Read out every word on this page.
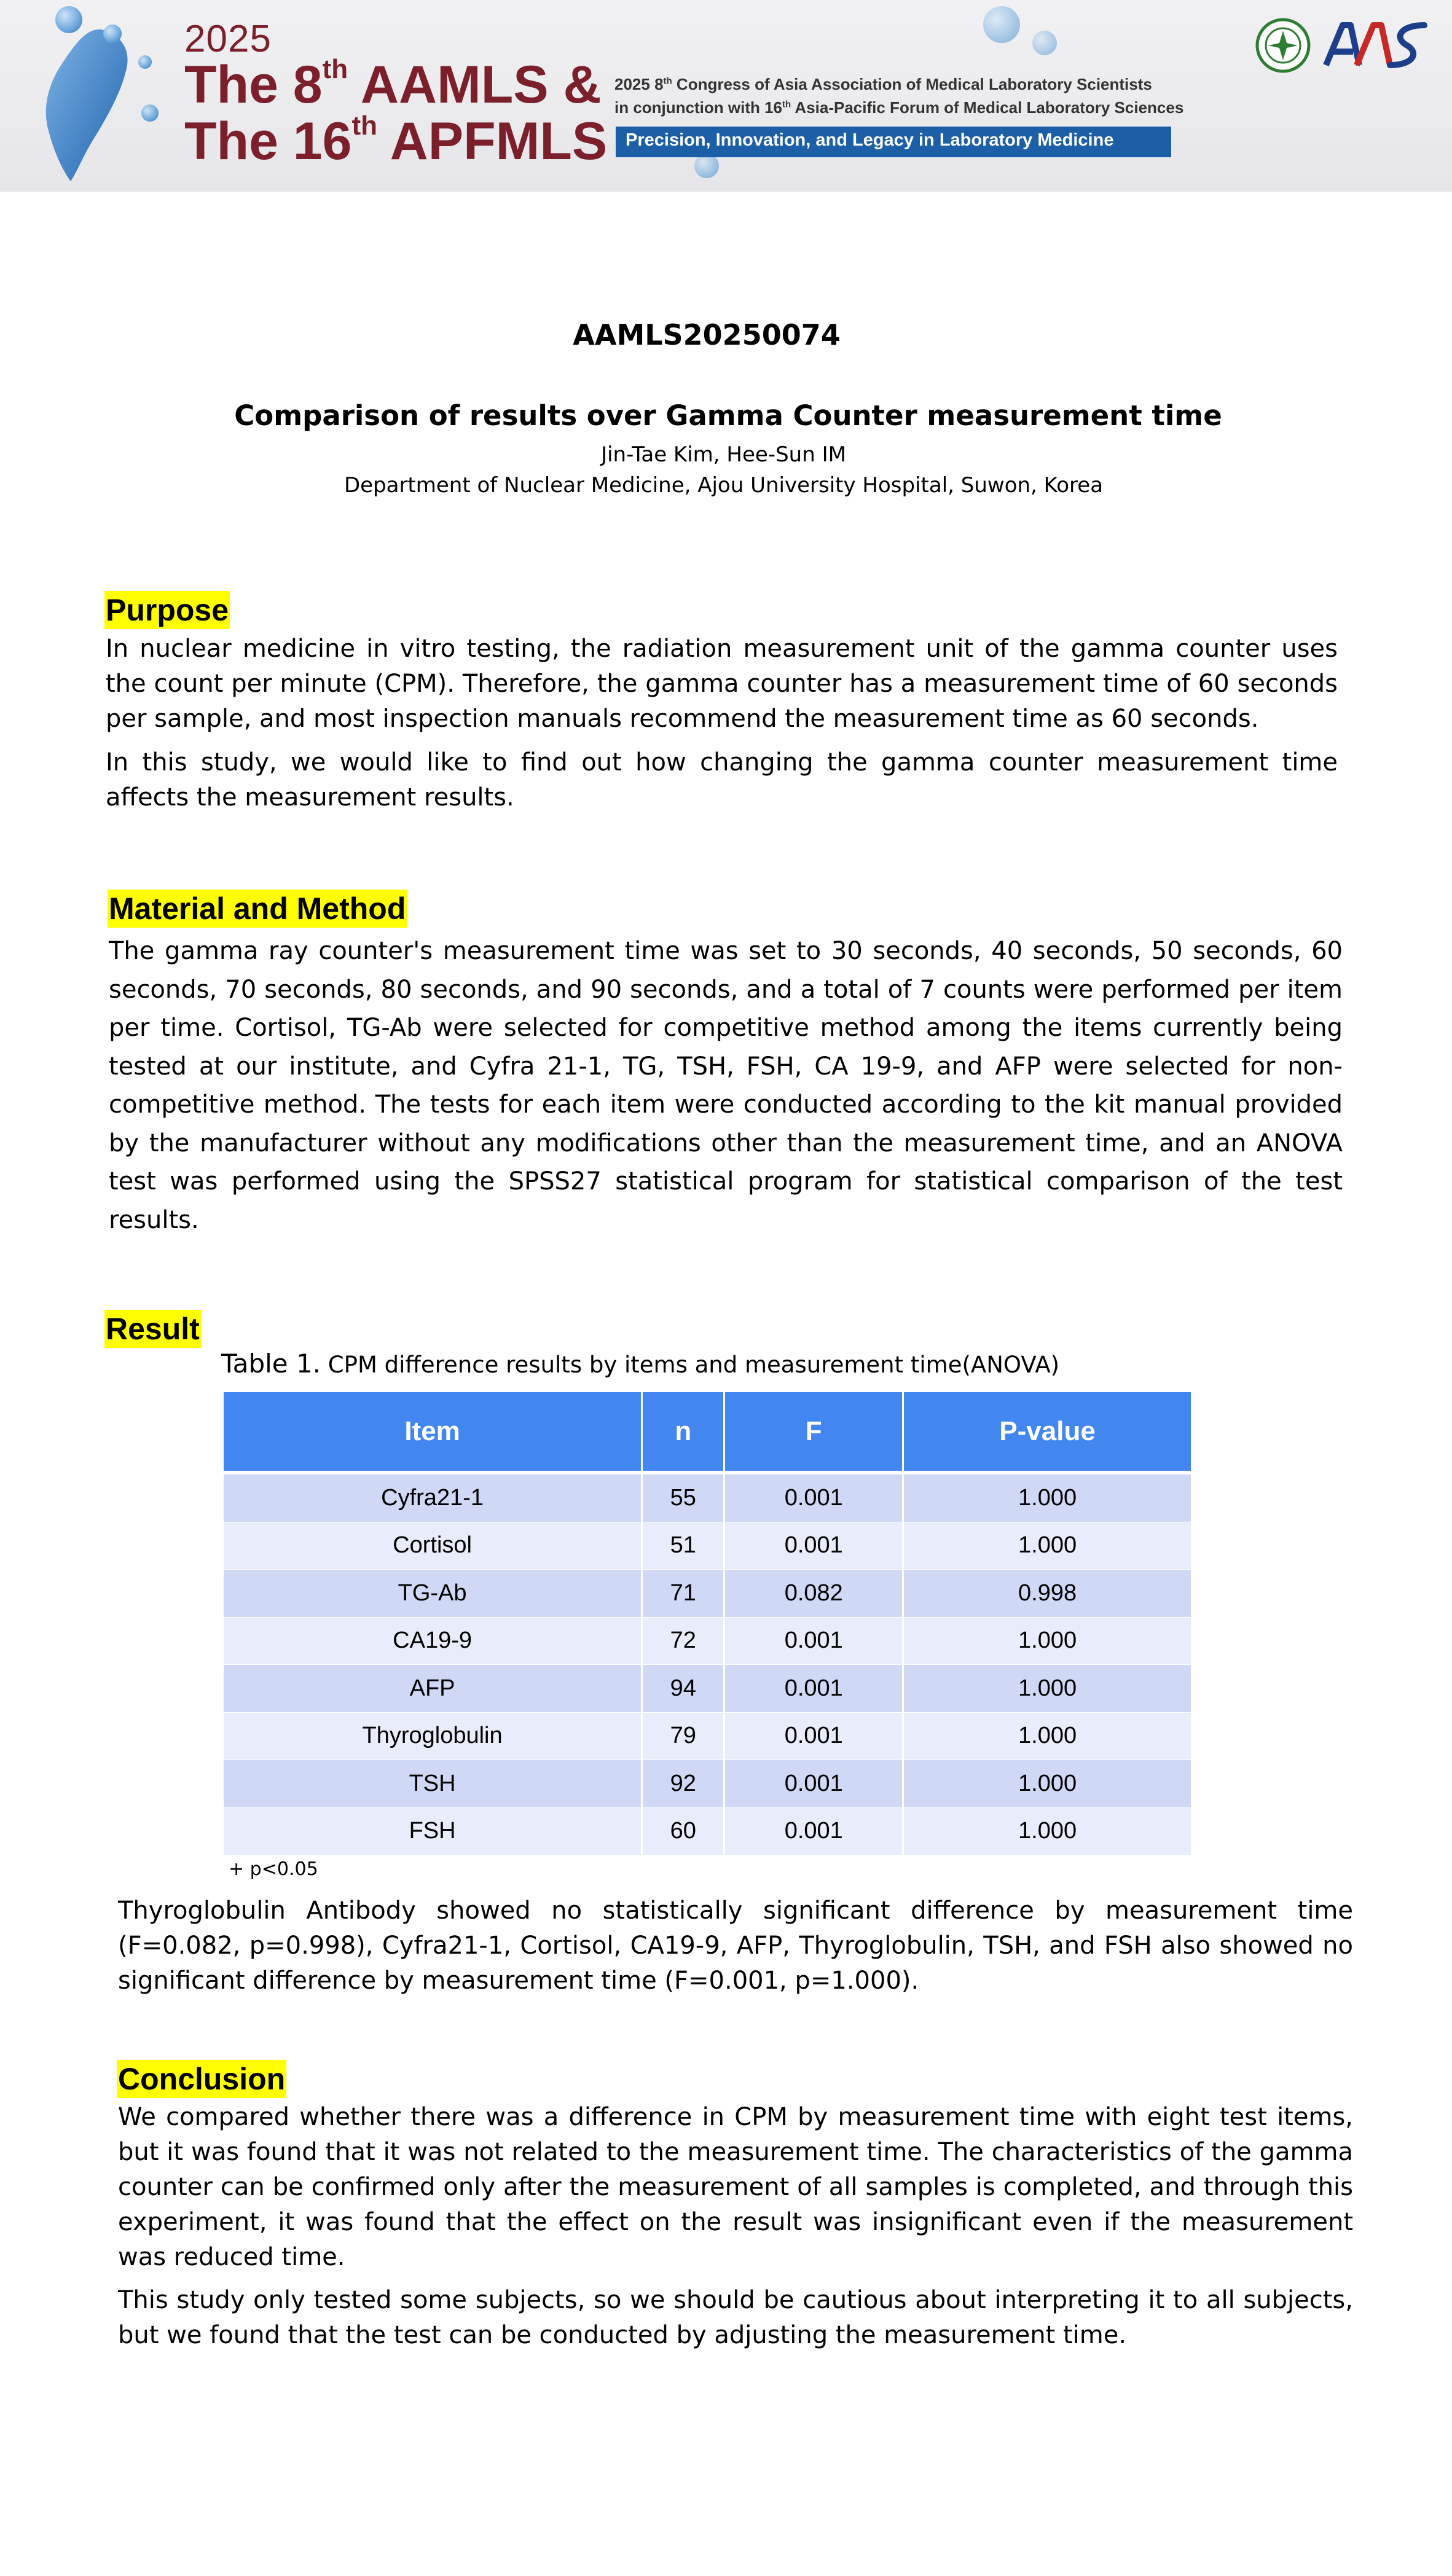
2025
The 8th AAMLS &
The 16th APFMLS
2025 8th Congress of Asia Association of Medical Laboratory Scientists
in conjunction with 16th Asia-Pacific Forum of Medical Laboratory Sciences
Precision, Innovation, and Legacy in Laboratory Medicine
AAMLS20250074
Comparison of results over Gamma Counter measurement time
Jin-Tae Kim, Hee-Sun IM
Department of Nuclear Medicine, Ajou University Hospital, Suwon, Korea
Purpose

In nuclear medicine in vitro testing, the radiation measurement unit of the gamma counter uses the count per minute (CPM). Therefore, the gamma counter has a measurement time of 60 seconds per sample, and most inspection manuals recommend the measurement time as 60 seconds.

In this study, we would like to find out how changing the gamma counter measurement time affects the measurement results.

Material and Method

The gamma ray counter's measurement time was set to 30 seconds, 40 seconds, 50 seconds, 60 seconds, 70 seconds, 80 seconds, and 90 seconds, and a total of 7 counts were performed per item per time. Cortisol, TG-Ab were selected for competitive method among the items currently being tested at our institute, and Cyfra 21-1, TG, TSH, FSH, CA 19-9, and AFP were selected for non-competitive method. The tests for each item were conducted according to the kit manual provided by the manufacturer without any modifications other than the measurement time, and an ANOVA test was performed using the SPSS27 statistical program for statistical comparison of the test results.

Result
Table 1. CPM difference results by items and measurement time(ANOVA)
Item	n	F	P-value
Cyfra21-1	55	0.001	1.000
Cortisol	51	0.001	1.000
TG-Ab	71	0.082	0.998
CA19-9	72	0.001	1.000
AFP	94	0.001	1.000
Thyroglobulin	79	0.001	1.000
TSH	92	0.001	1.000
FSH	60	0.001	1.000
+ p<0.05

Thyroglobulin Antibody showed no statistically significant difference by measurement time (F=0.082, p=0.998), Cyfra21-1, Cortisol, CA19-9, AFP, Thyroglobulin, TSH, and FSH also showed no significant difference by measurement time (F=0.001, p=1.000).

Conclusion

We compared whether there was a difference in CPM by measurement time with eight test items, but it was found that it was not related to the measurement time. The characteristics of the gamma counter can be confirmed only after the measurement of all samples is completed, and through this experiment, it was found that the effect on the result was insignificant even if the measurement was reduced time.

This study only tested some subjects, so we should be cautious about interpreting it to all subjects, but we found that the test can be conducted by adjusting the measurement time.
